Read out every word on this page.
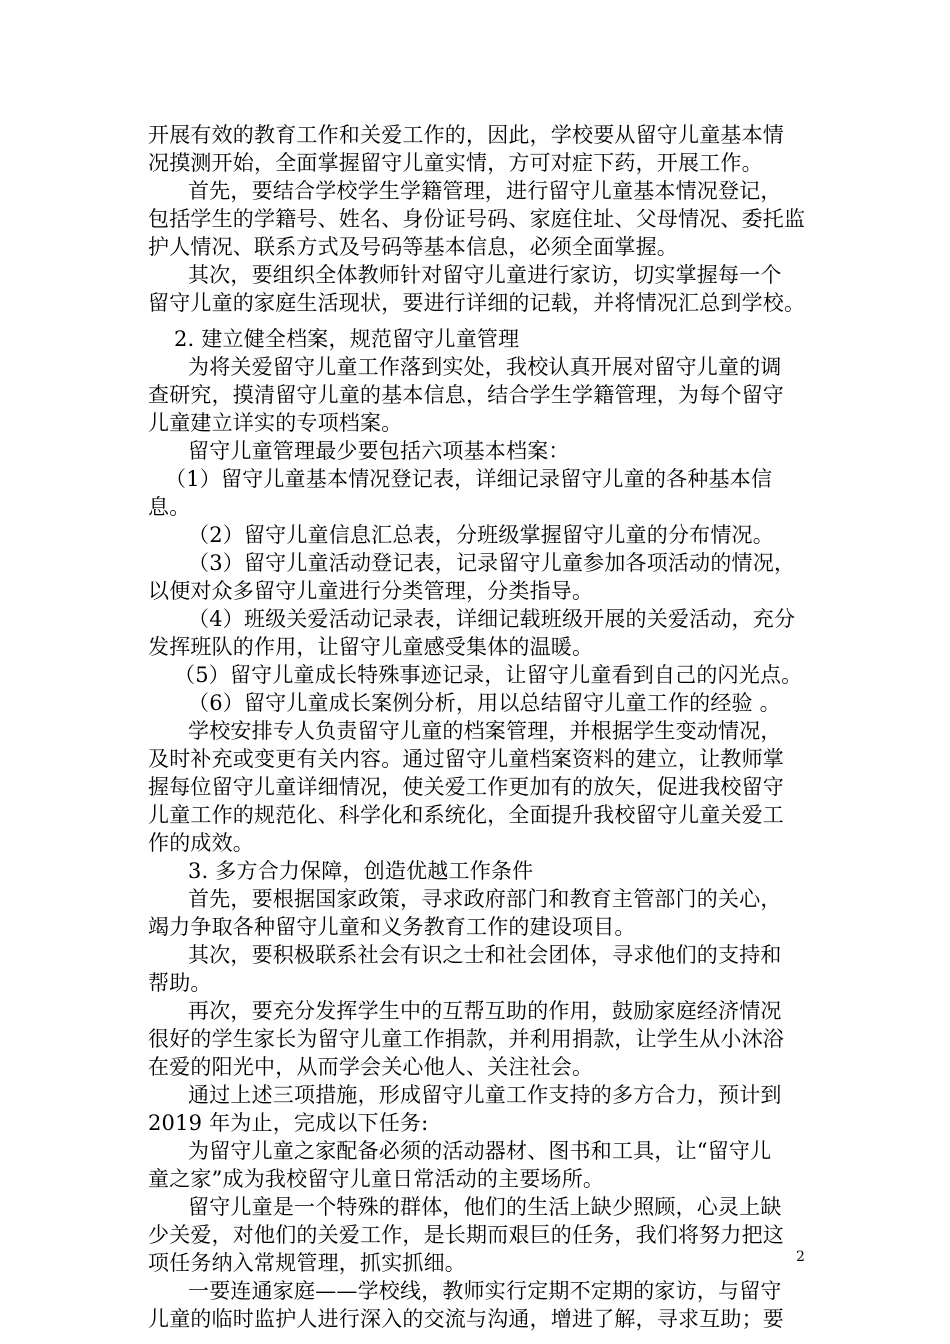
开展有效的教育工作和关爱工作的，因此，学校要从留守儿童基本情
况摸测开始，全面掌握留守儿童实情，方可对症下药，开展工作。
首先，要结合学校学生学籍管理，进行留守儿童基本情况登记，
包括学生的学籍号、姓名、身份证号码、家庭住址、父母情况、委托监
护人情况、联系方式及号码等基本信息，必须全面掌握。
其次，要组织全体教师针对留守儿童进行家访，切实掌握每一个
留守儿童的家庭生活现状，要进行详细的记载，并将情况汇总到学校。
2. 建立健全档案，规范留守儿童管理
为将关爱留守儿童工作落到实处，我校认真开展对留守儿童的调
查研究，摸清留守儿童的基本信息，结合学生学籍管理，为每个留守
儿童建立详实的专项档案。
留守儿童管理最少要包括六项基本档案：
（1）留守儿童基本情况登记表，详细记录留守儿童的各种基本信
息。
（2）留守儿童信息汇总表，分班级掌握留守儿童的分布情况。
（3）留守儿童活动登记表，记录留守儿童参加各项活动的情况，
以便对众多留守儿童进行分类管理，分类指导。
（4）班级关爱活动记录表，详细记载班级开展的关爱活动，充分
发挥班队的作用，让留守儿童感受集体的温暖。
（5）留守儿童成长特殊事迹记录，让留守儿童看到自己的闪光点。
（6）留守儿童成长案例分析，用以总结留守儿童工作的经验 。
学校安排专人负责留守儿童的档案管理，并根据学生变动情况，
及时补充或变更有关内容。通过留守儿童档案资料的建立，让教师掌
握每位留守儿童详细情况，使关爱工作更加有的放矢，促进我校留守
儿童工作的规范化、科学化和系统化，全面提升我校留守儿童关爱工
作的成效。
3. 多方合力保障，创造优越工作条件
首先，要根据国家政策，寻求政府部门和教育主管部门的关心，
竭力争取各种留守儿童和义务教育工作的建设项目。
其次，要积极联系社会有识之士和社会团体，寻求他们的支持和
帮助。
再次，要充分发挥学生中的互帮互助的作用，鼓励家庭经济情况
很好的学生家长为留守儿童工作捐款，并利用捐款，让学生从小沐浴
在爱的阳光中，从而学会关心他人、关注社会。
通过上述三项措施，形成留守儿童工作支持的多方合力，预计到
2019 年为止，完成以下任务:
为留守儿童之家配备必须的活动器材、图书和工具，让“留守儿
童之家”成为我校留守儿童日常活动的主要场所。
留守儿童是一个特殊的群体，他们的生活上缺少照顾，心灵上缺
少关爱，对他们的关爱工作，是长期而艰巨的任务，我们将努力把这
项任务纳入常规管理，抓实抓细。
一要连通家庭——学校线，教师实行定期不定期的家访，与留守
儿童的临时监护人进行深入的交流与沟通，增进了解，寻求互助；要
2
